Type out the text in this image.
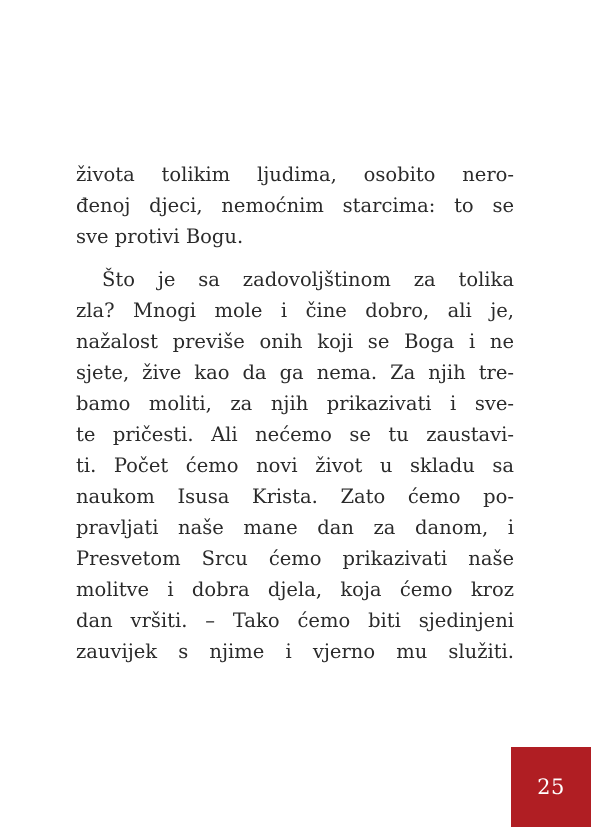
života tolikim ljudima, osobito nero-
đenoj djeci, nemoćnim starcima: to se
sve protivi Bogu.
Što je sa zadovoljštinom za tolika
zla? Mnogi mole i čine dobro, ali je,
nažalost previše onih koji se Boga i ne
sjete, žive kao da ga nema. Za njih tre-
bamo moliti, za njih prikazivati i sve-
te pričesti. Ali nećemo se tu zaustavi-
ti. Počet ćemo novi život u skladu sa
naukom Isusa Krista. Zato ćemo po-
pravljati naše mane dan za danom, i
Presvetom Srcu ćemo prikazivati naše
molitve i dobra djela, koja ćemo kroz
dan vršiti. – Tako ćemo biti sjedinjeni
zauvijek s njime i vjerno mu služiti.
25
